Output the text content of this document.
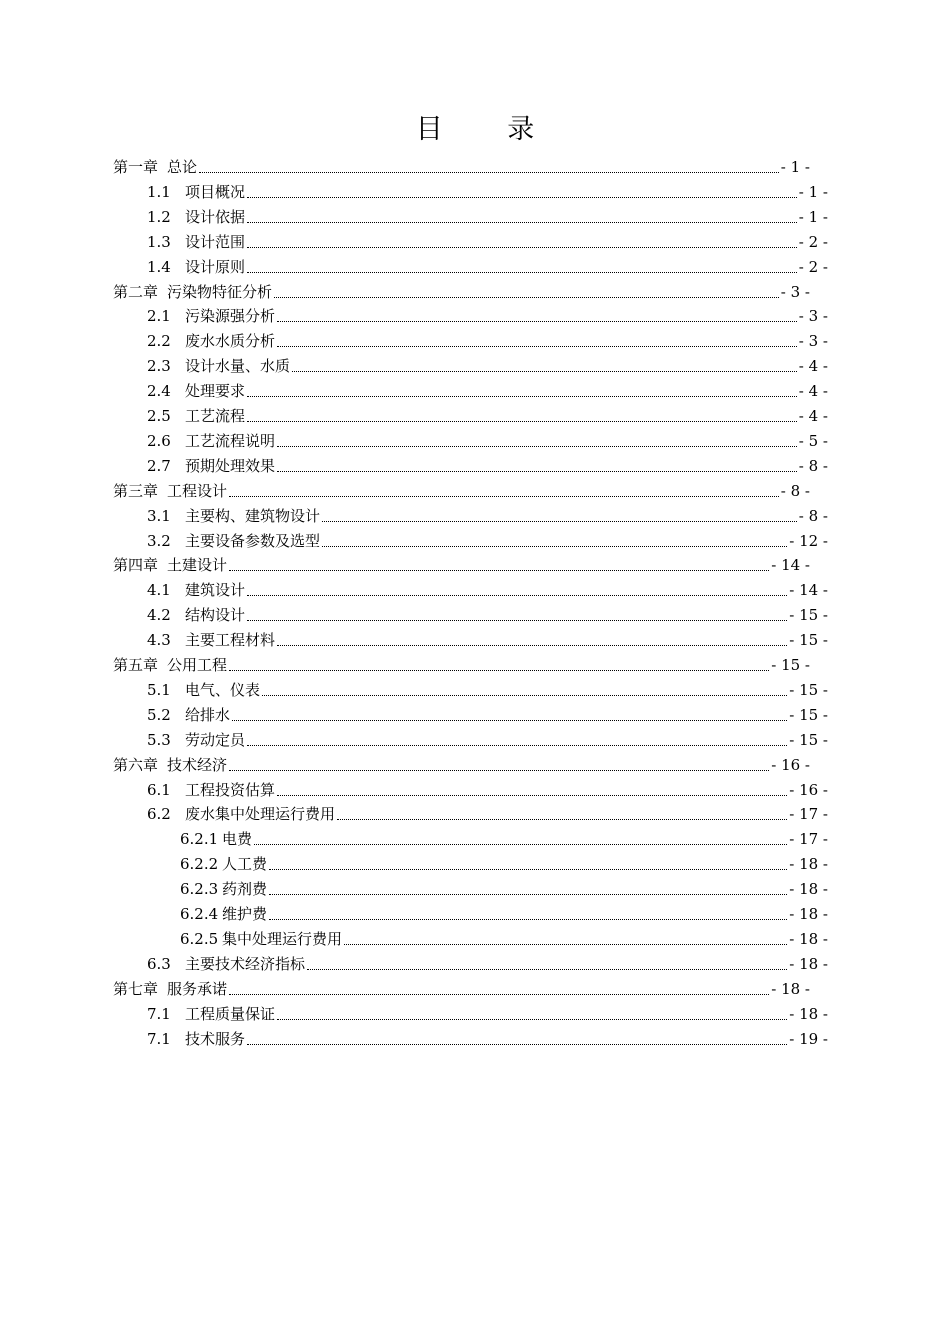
目 录
第一章 总论	- 1 -
1.1 项目概况	- 1 -
1.2 设计依据	- 1 -
1.3 设计范围	- 2 -
1.4 设计原则	- 2 -
第二章 污染物特征分析	- 3 -
2.1 污染源强分析	- 3 -
2.2 废水水质分析	- 3 -
2.3 设计水量、水质	- 4 -
2.4 处理要求	- 4 -
2.5 工艺流程	- 4 -
2.6 工艺流程说明	- 5 -
2.7 预期处理效果	- 8 -
第三章 工程设计	- 8 -
3.1 主要构、建筑物设计	- 8 -
3.2 主要设备参数及选型	- 12 -
第四章 土建设计	- 14 -
4.1 建筑设计	- 14 -
4.2 结构设计	- 15 -
4.3 主要工程材料	- 15 -
第五章 公用工程	- 15 -
5.1 电气、仪表	- 15 -
5.2 给排水	- 15 -
5.3 劳动定员	- 15 -
第六章 技术经济	- 16 -
6.1 工程投资估算	- 16 -
6.2 废水集中处理运行费用	- 17 -
6.2.1 电费	- 17 -
6.2.2 人工费	- 18 -
6.2.3 药剂费	- 18 -
6.2.4 维护费	- 18 -
6.2.5 集中处理运行费用	- 18 -
6.3 主要技术经济指标	- 18 -
第七章 服务承诺	- 18 -
7.1 工程质量保证	- 18 -
7.1 技术服务	- 19 -
